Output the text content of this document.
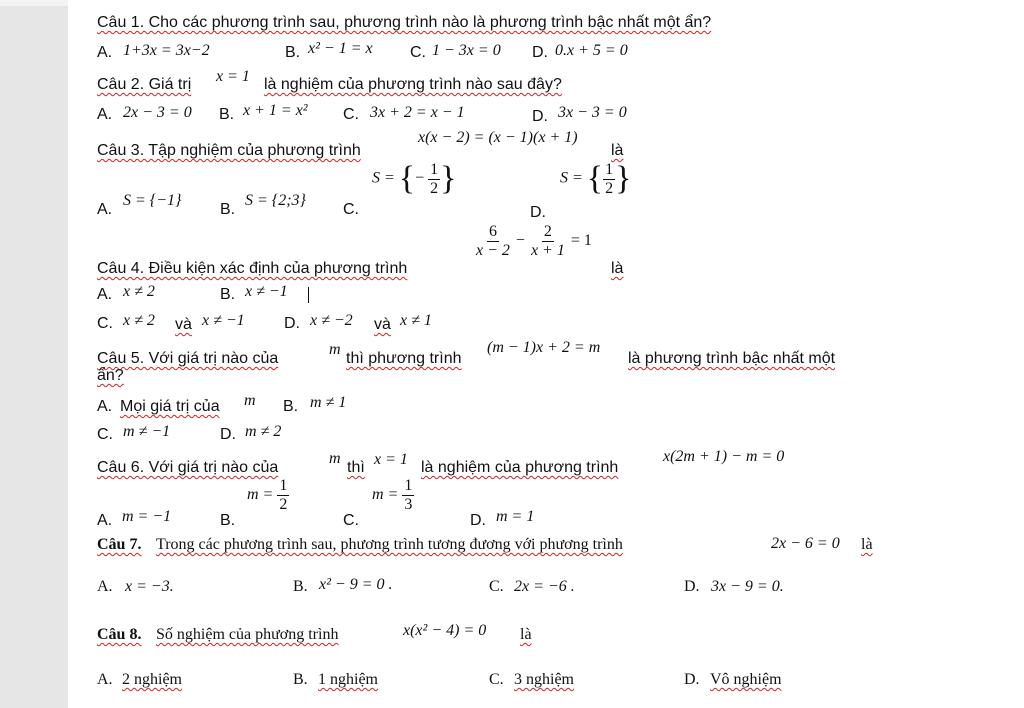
Câu 1. Cho các phương trình sau, phương trình nào là phương trình bậc nhất một ẩn?
A. 1+3x = 3x−2	B. x² − 1 = x C. 1 − 3x = 0 D. 0.x + 5 = 0
Câu 2. Giá trị x = 1 là nghiệm của phương trình nào sau đây?
A. 2x − 3 = 0 B. x + 1 = x² C. 3x + 2 = x − 1	D. 3x − 3 = 0
Câu 3. Tập nghiệm của phương trình
x(x − 2) = (x − 1)(x + 1)
là
A.
S = {−1}
B.
S = {2;3}
C.
S = {− $\frac{1}{2}$ }
D.
S = { $\frac{1}{2}$ }
Câu 4. Điều kiện xác định của phương trình
$\frac{6}{x - 2} - \frac{2}{x + 1} = 1$
là
A. x ≠ 2	B. x ≠ −1
C. x ≠ 2 và x ≠ −1 D. x ≠ −2 và x ≠ 1
Câu 5. Với giá trị nào của
m
thì phương trình
(m − 1)x + 2 = m
là phương trình bậc nhất một
ẩn?
A. Mọi giá trị của m B. m ≠ 1
C. m ≠ −1	D. m ≠ 2
Câu 6. Với giá trị nào của
m
thì x = 1 là nghiệm của phương trình
x(2m + 1) − m = 0
A. m = −1	B.
$m = \frac{1}{2}$
C.
$m = \frac{1}{3}$
D. m = 1
Câu 7. Trong các phương trình sau, phương trình tương đương với phương trình	2x − 6 = 0 là
A. x = −3.	B. x² − 9 = 0 .	C. 2x = −6 .	D. 3x − 9 = 0.
Câu 8. Số nghiệm của phương trình	x(x² − 4) = 0 là
A. 2 nghiệm	B. 1 nghiệm	C. 3 nghiệm	D. Vô nghiệm
